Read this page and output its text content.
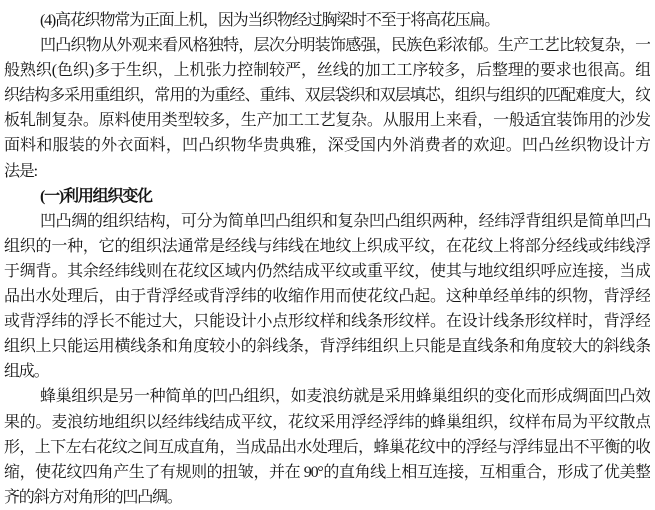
(4)高花织物常为正面上机，因为当织物经过胸梁时不至于将高花压扁。
凹凸织物从外观来看风格独特，层次分明装饰感强，民族色彩浓郁。生产工艺比较复杂，一
般熟织(色织)多于生织，上机张力控制较严，丝线的加工工序较多，后整理的要求也很高。组
织结构多采用重组织，常用的为重经、重纬、双层袋织和双层填芯，组织与组织的匹配难度大，纹
板轧制复杂。原料使用类型较多，生产加工工艺复杂。从服用上来看，一般适宜装饰用的沙发
面料和服装的外衣面料，凹凸织物华贵典雅，深受国内外消费者的欢迎。凹凸丝织物设计方
法是:
(一)利用组织变化
凹凸绸的组织结构，可分为简单凹凸组织和复杂凹凸组织两种，经纬浮背组织是简单凹凸
组织的一种，它的组织法通常是经线与纬线在地纹上织成平纹，在花纹上将部分经线或纬线浮
于绸背。其余经纬线则在花纹区域内仍然结成平纹或重平纹，使其与地纹组织呼应连接，当成
品出水处理后，由于背浮经或背浮纬的收缩作用而使花纹凸起。这种单经单纬的织物，背浮经
或背浮纬的浮长不能过大，只能设计小点形纹样和线条形纹样。在设计线条形纹样时，背浮经
组织上只能运用横线条和角度较小的斜线条，背浮纬组织上只能是直线条和角度较大的斜线条
组成。
蜂巢组织是另一种简单的凹凸组织，如麦浪纺就是采用蜂巢组织的变化而形成绸面凹凸效
果的。麦浪纺地组织以经纬线结成平纹，花纹采用浮经浮纬的蜂巢组织，纹样布局为平纹散点
形，上下左右花纹之间互成直角，当成品出水处理后，蜂巢花纹中的浮经与浮纬显出不平衡的收
缩，使花纹四角产生了有规则的扭皱，并在 90°的直角线上相互连接，互相重合，形成了优美整
齐的斜方对角形的凹凸绸。
